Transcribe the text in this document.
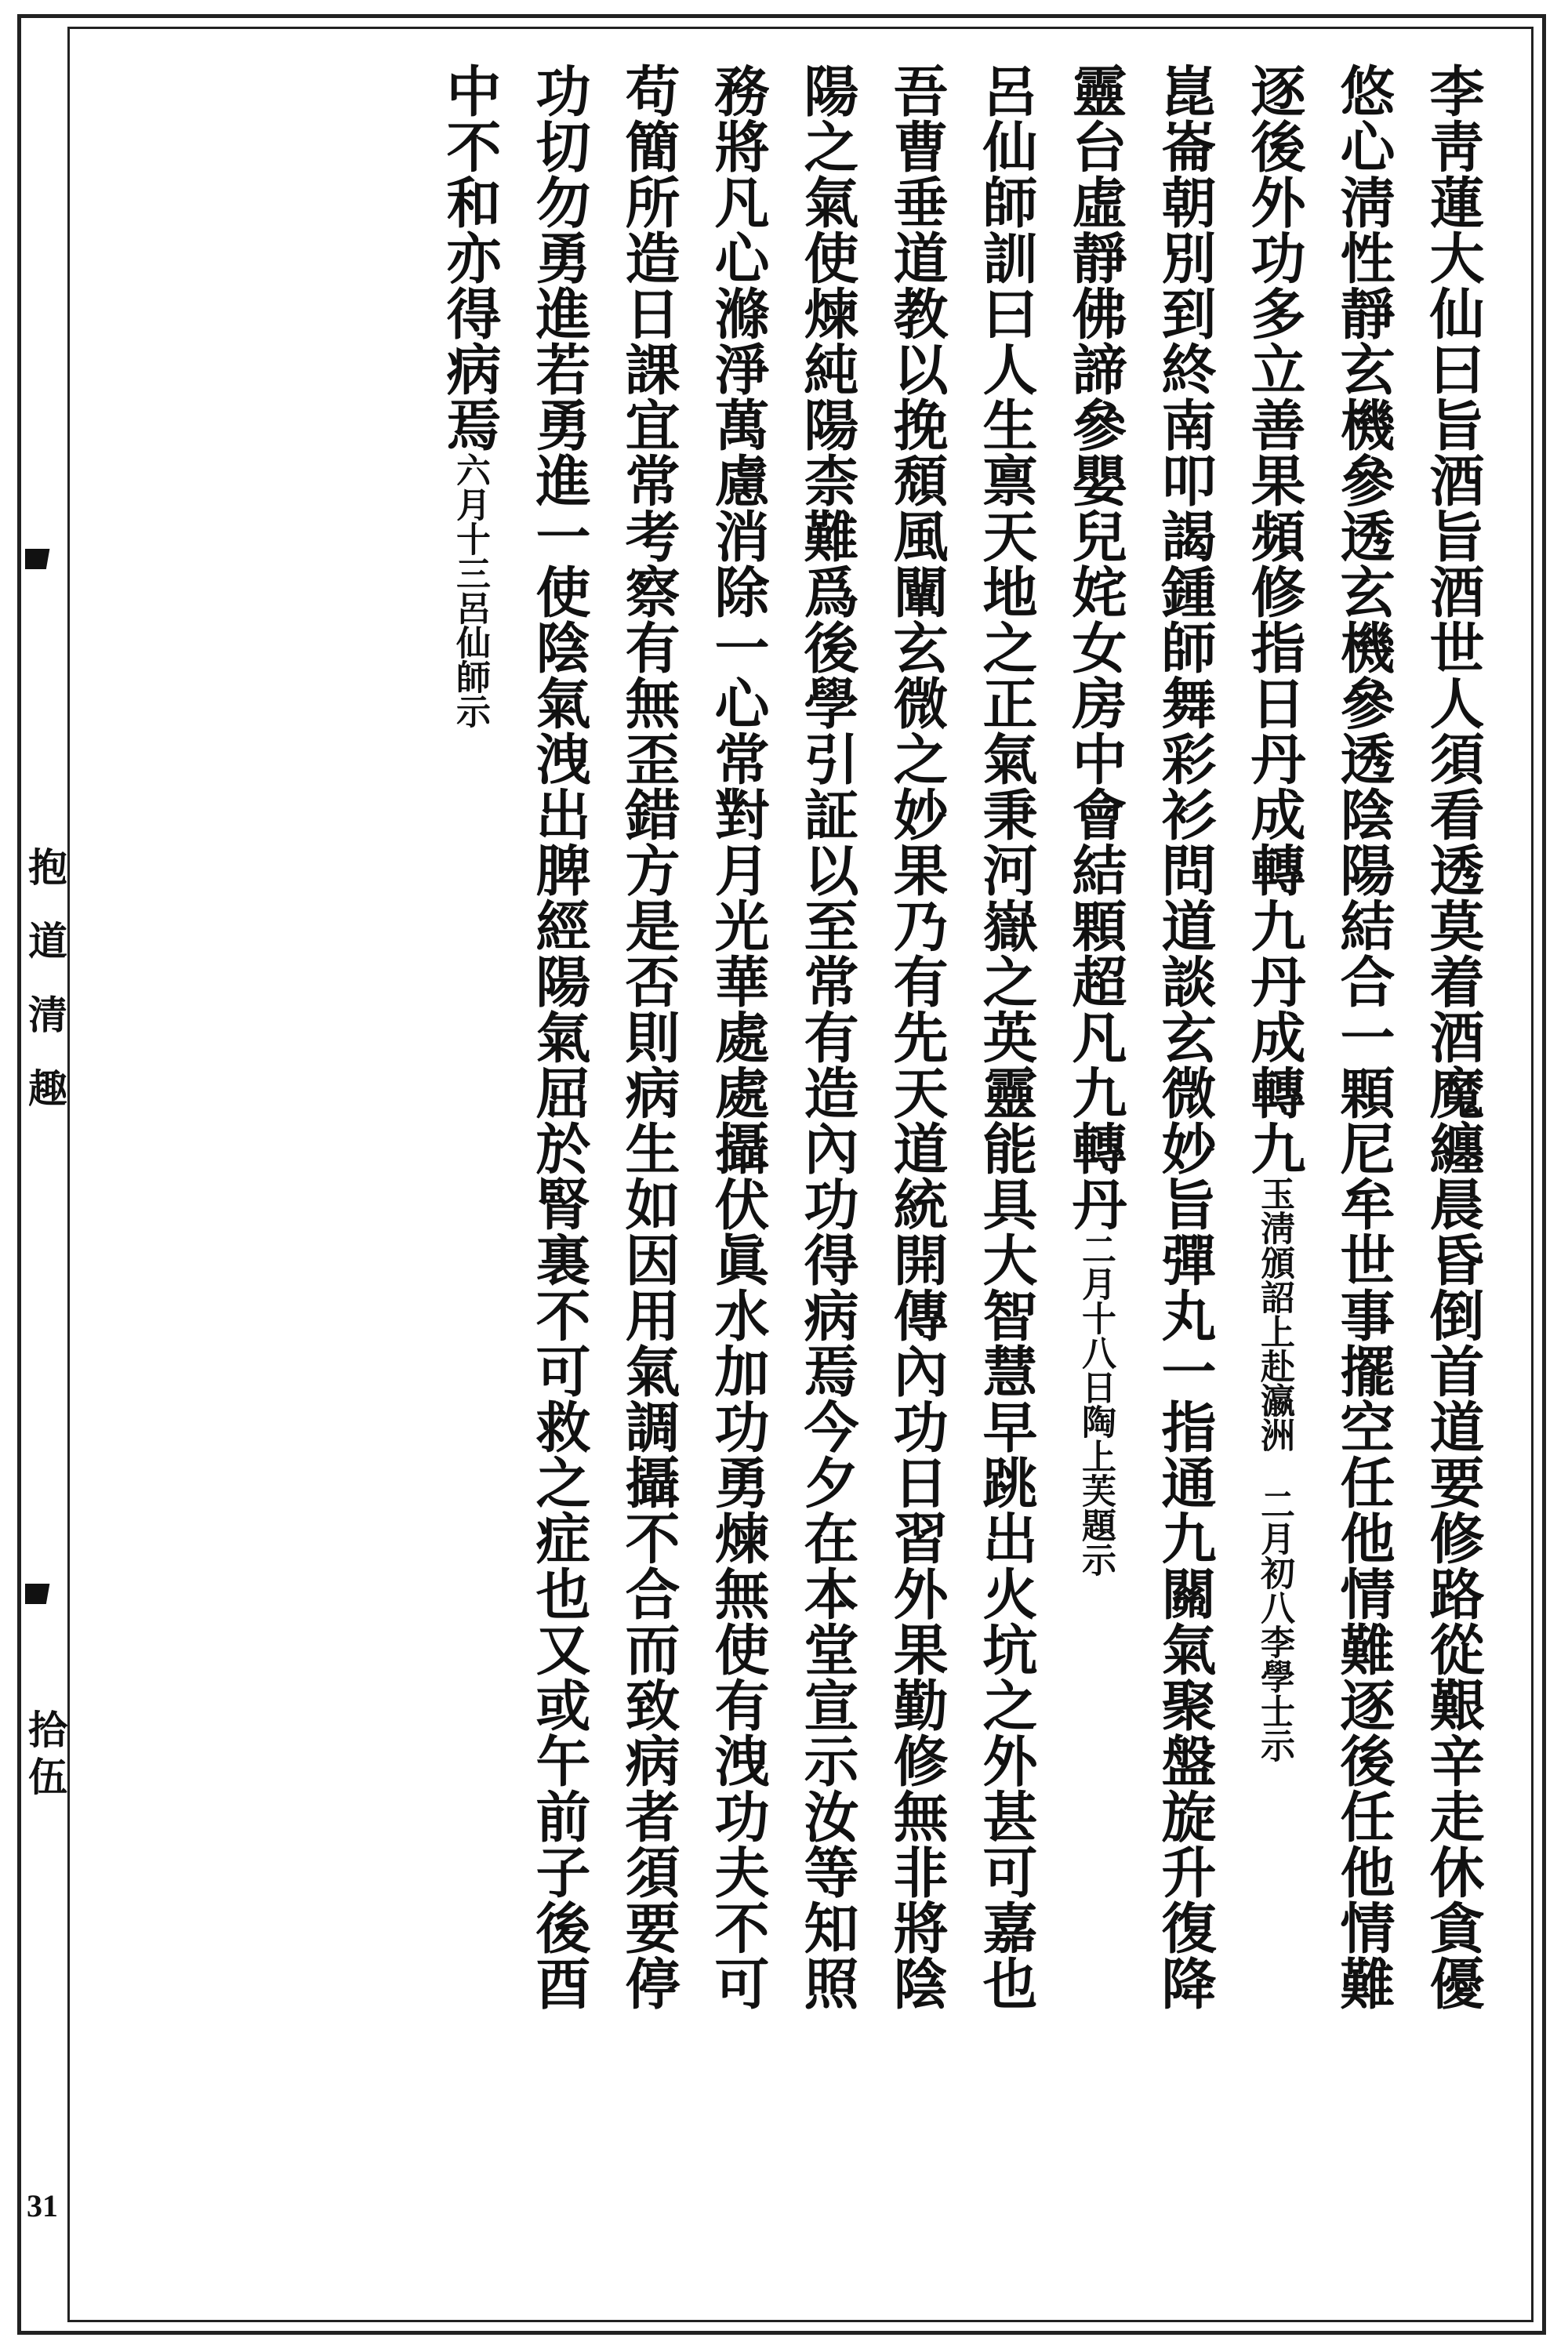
抱道清趣
拾伍
31
李靑蓮大仙曰旨酒旨酒世人須看透莫着酒魔纏晨昏倒首道要修路從艱辛走休貪優
悠心淸性靜玄機參透玄機參透陰陽結合一顆尼牟世事擺空任他情難逐後任他情難
逐後外功多立善果頻修指日丹成轉九丹成轉九玉淸頒詔上赴瀛洲　二月初八李學士示
崑崙朝別到終南叩謁鍾師舞彩衫問道談玄微妙旨彈丸一指通九關氣聚盤旋升復降
靈台虛靜佛諦參嬰兒姹女房中會結顆超凡九轉丹二月十八日陶上芙題示
呂仙師訓曰人生禀天地之正氣秉河嶽之英靈能具大智慧早跳出火坑之外甚可嘉也
吾曹垂道教以挽頹風闡玄微之妙果乃有先天道統開傳內功日習外果勤修無非將陰
陽之氣使煉純陽柰難爲後學引証以至常有造內功得病焉今夕在本堂宣示汝等知照
務將凡心滌淨萬慮消除一心常對月光華處處攝伏眞水加功勇煉無使有洩功夫不可
苟簡所造日課宜常考察有無歪錯方是否則病生如因用氣調攝不合而致病者須要停
功切勿勇進若勇進一使陰氣洩出脾經陽氣屈於腎裏不可救之症也又或午前子後酉
中不和亦得病焉六月十三呂仙師示
